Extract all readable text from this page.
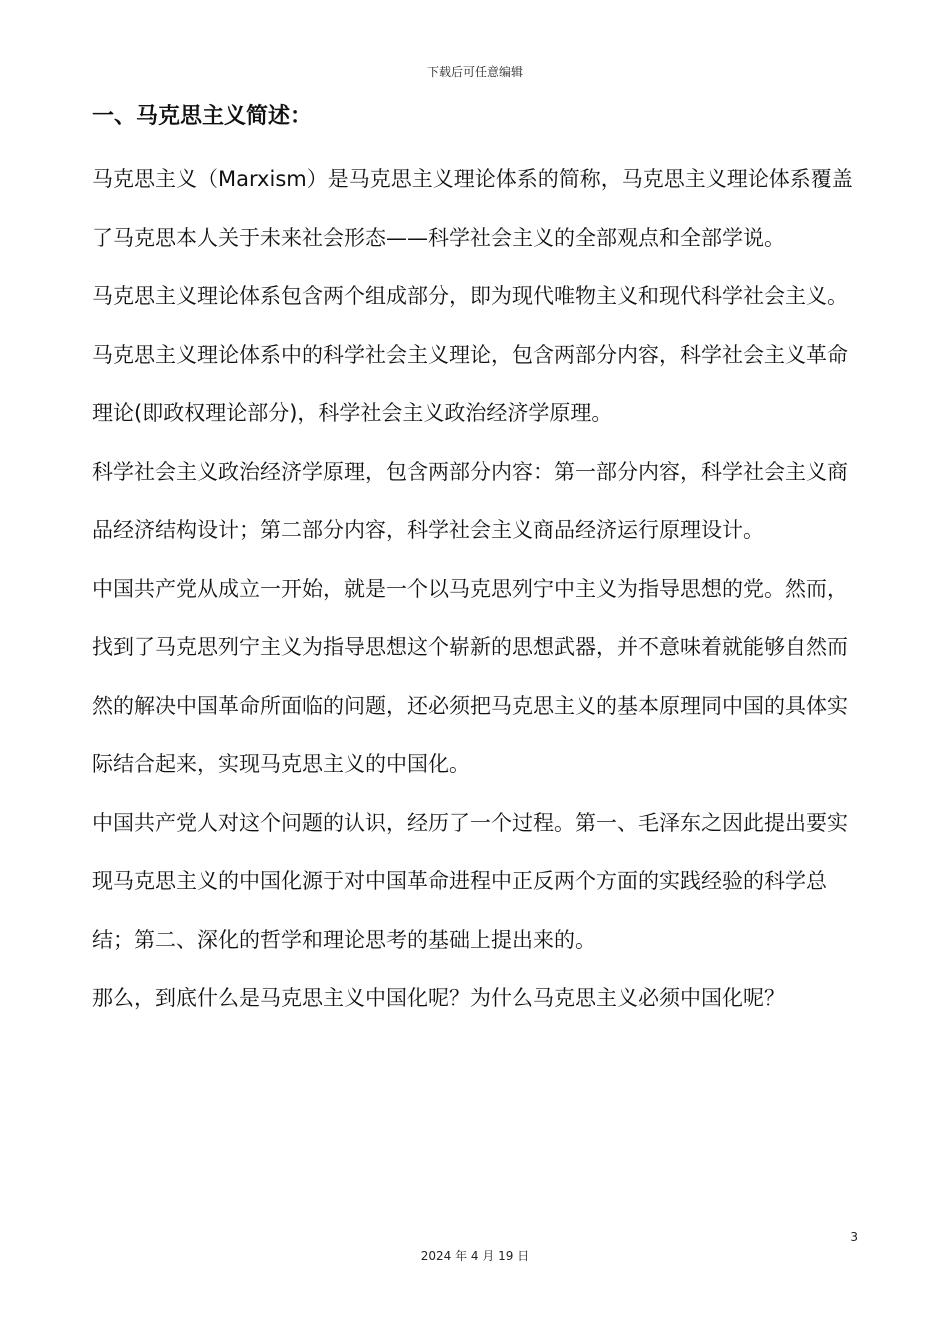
下载后可任意编辑
一、马克思主义简述：

马克思主义（Marxism）是马克思主义理论体系的简称，马克思主义理论体系覆盖了马克思本人关于未来社会形态——科学社会主义的全部观点和全部学说。

马克思主义理论体系包含两个组成部分，即为现代唯物主义和现代科学社会主义。

马克思主义理论体系中的科学社会主义理论，包含两部分内容，科学社会主义革命理论(即政权理论部分)，科学社会主义政治经济学原理。

科学社会主义政治经济学原理，包含两部分内容：第一部分内容，科学社会主义商品经济结构设计；第二部分内容，科学社会主义商品经济运行原理设计。

中国共产党从成立一开始，就是一个以马克思列宁中主义为指导思想的党。然而，找到了马克思列宁主义为指导思想这个崭新的思想武器，并不意味着就能够自然而然的解决中国革命所面临的问题，还必须把马克思主义的基本原理同中国的具体实际结合起来，实现马克思主义的中国化。

中国共产党人对这个问题的认识，经历了一个过程。第一、毛泽东之因此提出要实现马克思主义的中国化源于对中国革命进程中正反两个方面的实践经验的科学总结；第二、深化的哲学和理论思考的基础上提出来的。

那么，到底什么是马克思主义中国化呢？为什么马克思主义必须中国化呢？

3
2024 年 4 月 19 日
